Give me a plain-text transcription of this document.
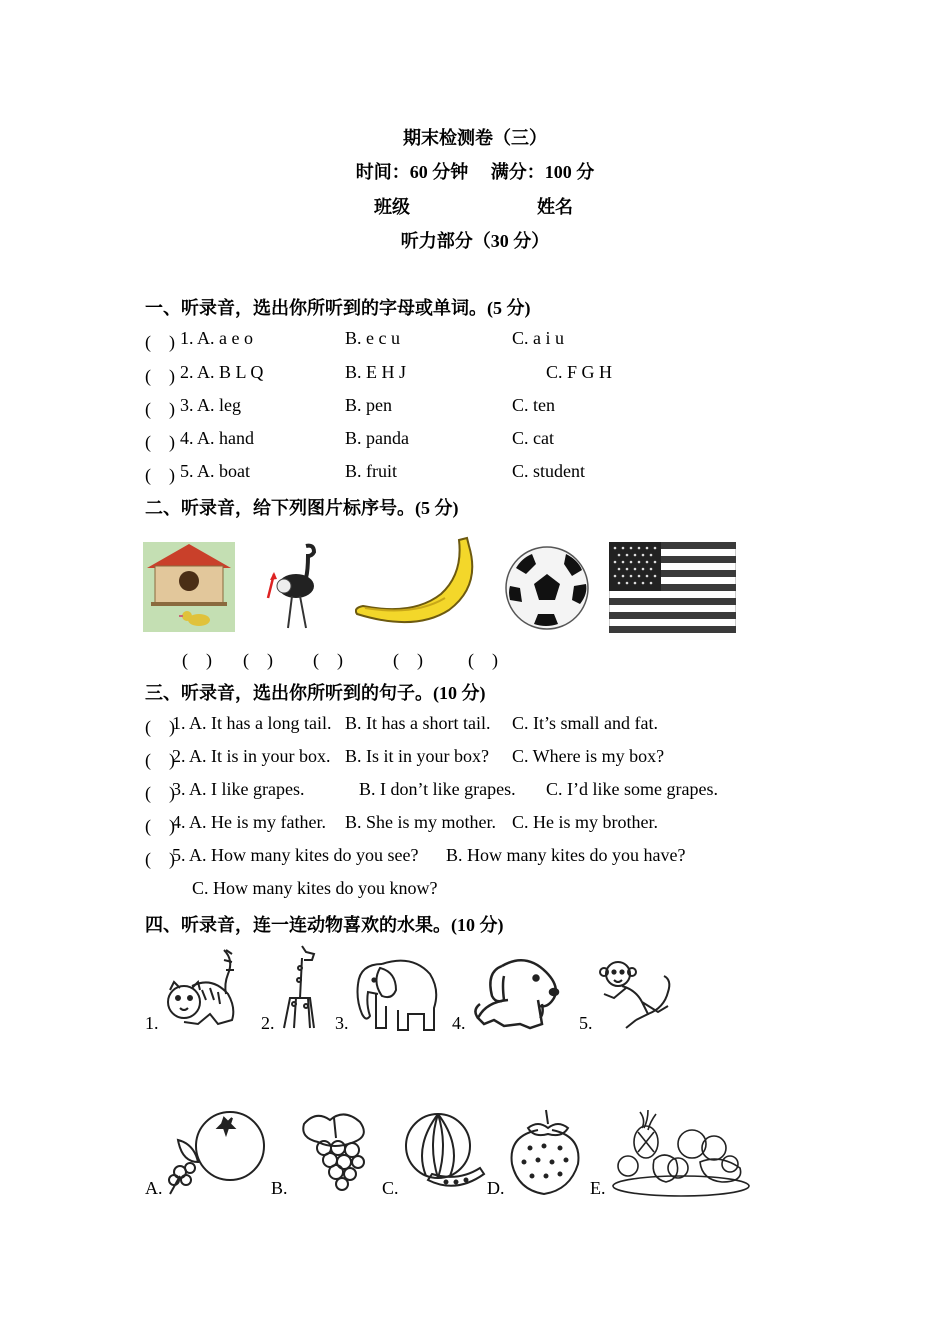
期末检测卷（三）
时间：60 分钟　 满分：100 分
班级	姓名
听力部分（30 分）
一、听录音，选出你所听到的字母或单词。(5 分)
(　) 1. A. a e o	B. e c u	C. a i u
(　) 2. A. B L Q	B. E H J	C. F G H
(　) 3. A. leg	B. pen	C. ten
(　) 4. A. hand	B. panda	C. cat
(　) 5. A. boat	B. fruit	C. student
二、听录音，给下列图片标序号。(5 分)
(　) (　) (　)	(　)	(　)
三、听录音，选出你所听到的句子。(10 分)
(　)
1. A. It has a long tail. B. It has a short tail. C. It’s small and fat.
(　)
2. A. It is in your box. B. Is it in your box? C. Where is my box?
(　)
3. A. I like grapes.	B. I don’t like grapes. C. I’d like some grapes.
(　)
4. A. He is my father. B. She is my mother. C. He is my brother.
(　)
5. A. How many kites do you see? B. How many kites do you have?
C. How many kites do you know?
四、听录音，连一连动物喜欢的水果。(10 分)
1.	2.	3.	4.	5.
A.	B.	C.	D.	E.
